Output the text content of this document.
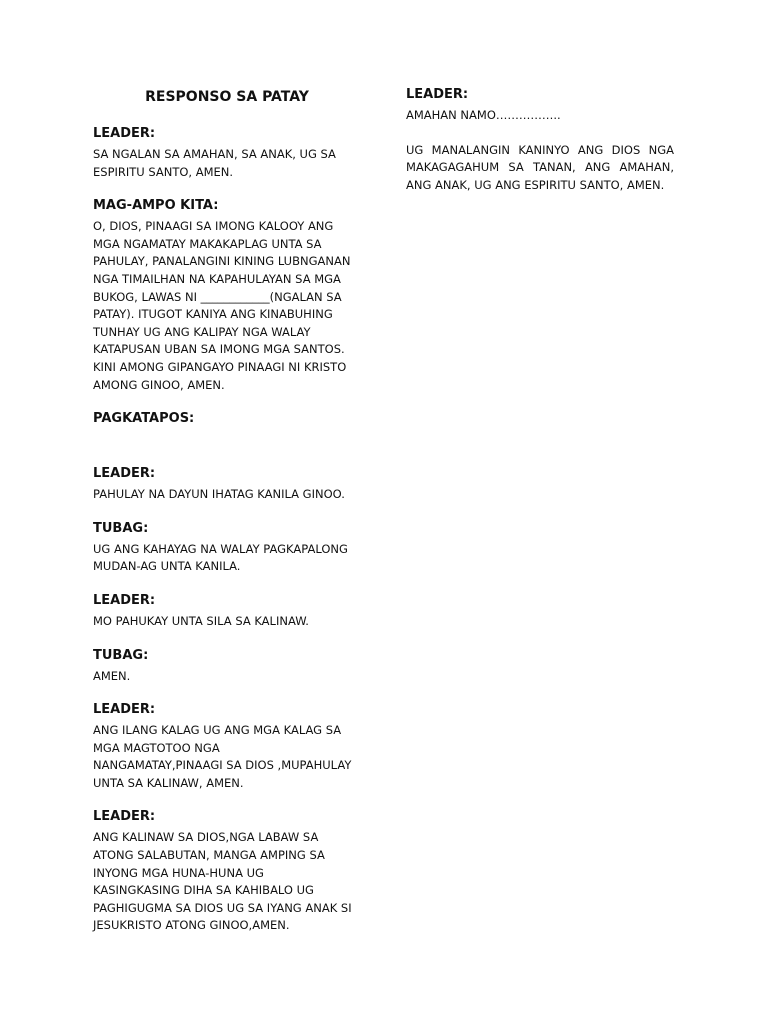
RESPONSO SA PATAY
LEADER:
SA NGALAN SA AMAHAN, SA ANAK, UG SA
ESPIRITU SANTO, AMEN.
MAG-AMPO KITA:
O, DIOS, PINAAGI SA IMONG KALOOY ANG
MGA NGAMATAY MAKAKAPLAG UNTA SA
PAHULAY, PANALANGINI KINING LUBNGANAN
NGA TIMAILHAN NA KAPAHULAYAN SA MGA
BUKOG, LAWAS NI ____________(NGALAN SA
PATAY). ITUGOT KANIYA ANG KINABUHING
TUNHAY UG ANG KALIPAY NGA WALAY
KATAPUSAN UBAN SA IMONG MGA SANTOS.
KINI AMONG GIPANGAYO PINAAGI NI KRISTO
AMONG GINOO, AMEN.
PAGKATAPOS:
LEADER:
PAHULAY NA DAYUN IHATAG KANILA GINOO.
TUBAG:
UG ANG KAHAYAG NA WALAY PAGKAPALONG
MUDAN-AG UNTA KANILA.
LEADER:
MO PAHUKAY UNTA SILA SA KALINAW.
TUBAG:
AMEN.
LEADER:
ANG ILANG KALAG UG ANG MGA KALAG SA
MGA MAGTOTOO NGA
NANGAMATAY,PINAAGI SA DIOS ,MUPAHULAY
UNTA SA KALINAW, AMEN.
LEADER:
ANG KALINAW SA DIOS,NGA LABAW SA
ATONG SALABUTAN, MANGA AMPING SA
INYONG MGA HUNA-HUNA UG
KASINGKASING DIHA SA KAHIBALO UG
PAGHIGUGMA SA DIOS UG SA IYANG ANAK SI
JESUKRISTO ATONG GINOO,AMEN.
LEADER:
AMAHAN NAMO……………..
UG MANALANGIN KANINYO ANG DIOS NGA MAKAGAGAHUM SA TANAN, ANG AMAHAN, ANG ANAK, UG ANG ESPIRITU SANTO, AMEN.
